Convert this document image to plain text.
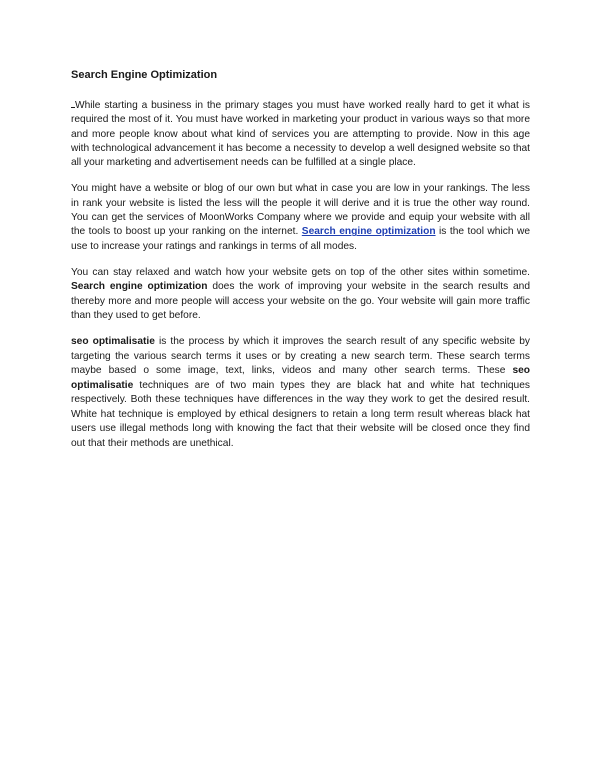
Search Engine Optimization

While starting a business in the primary stages you must have worked really hard to get it what is required the most of it. You must have worked in marketing your product in various ways so that more and more people know about what kind of services you are attempting to provide. Now in this age with technological advancement it has become a necessity to develop a well designed website so that all your marketing and advertisement needs can be fulfilled at a single place.

You might have a website or blog of our own but what in case you are low in your rankings. The less in rank your website is listed the less will the people it will derive and it is true the other way round. You can get the services of MoonWorks Company where we provide and equip your website with all the tools to boost up your ranking on the internet. Search engine optimization is the tool which we use to increase your ratings and rankings in terms of all modes.

You can stay relaxed and watch how your website gets on top of the other sites within sometime. Search engine optimization does the work of improving your website in the search results and thereby more and more people will access your website on the go. Your website will gain more traffic than they used to get before.

seo optimalisatie is the process by which it improves the search result of any specific website by targeting the various search terms it uses or by creating a new search term. These search terms maybe based o some image, text, links, videos and many other search terms. These seo optimalisatie techniques are of two main types they are black hat and white hat techniques respectively. Both these techniques have differences in the way they work to get the desired result. White hat technique is employed by ethical designers to retain a long term result whereas black hat users use illegal methods long with knowing the fact that their website will be closed once they find out that their methods are unethical.
